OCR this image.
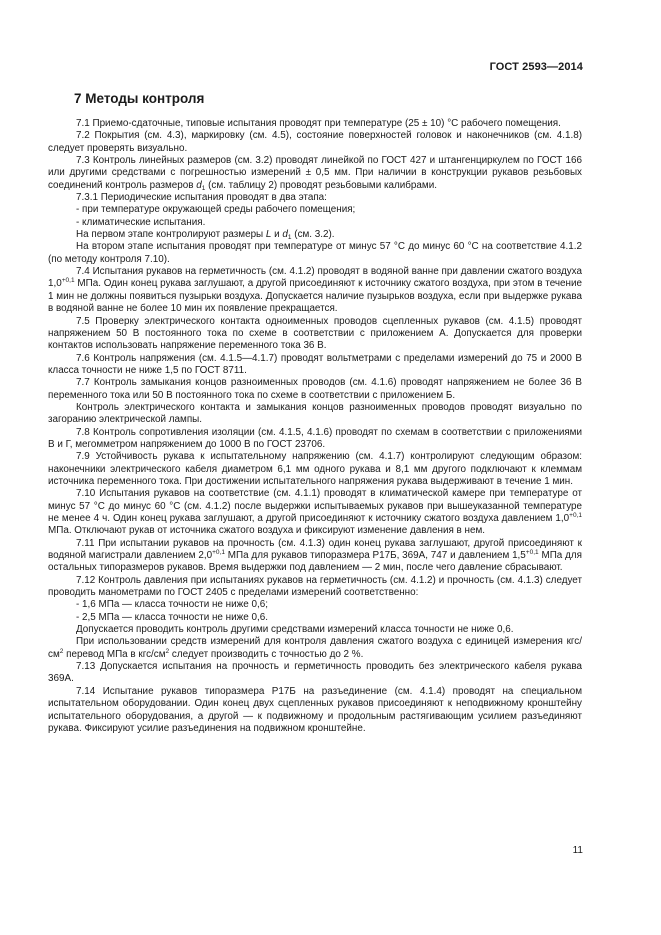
ГОСТ 2593—2014
7 Методы контроля

7.1 Приемо-сдаточные, типовые испытания проводят при температуре (25 ± 10) °С рабочего помещения.

7.2 Покрытия (см. 4.3), маркировку (см. 4.5), состояние поверхностей головок и наконечников (см. 4.1.8) следует проверять визуально.

7.3 Контроль линейных размеров (см. 3.2) проводят линейкой по ГОСТ 427 и штангенциркулем по ГОСТ 166 или другими средствами с погрешностью измерений ± 0,5 мм. При наличии в конструкции рукавов резьбовых соединений контроль размеров $d_1$ (см. таблицу 2) проводят резьбовыми калибрами.

7.3.1 Периодические испытания проводят в два этапа:

- при температуре окружающей среды рабочего помещения;

- климатические испытания.

На первом этапе контролируют размеры L и $d_1$ (см. 3.2).

На втором этапе испытания проводят при температуре от минус 57 °С до минус 60 °С на соответствие 4.1.2 (по методу контроля 7.10).

7.4 Испытания рукавов на герметичность (см. 4.1.2) проводят в водяной ванне при давлении сжатого воздуха $1,0^{+0,1}$ МПа. Один конец рукава заглушают, а другой присоединяют к источнику сжатого воздуха, при этом в течение 1 мин не должны появиться пузырьки воздуха. Допускается наличие пузырьков воздуха, если при выдержке рукава в водяной ванне не более 10 мин их появление прекращается.

7.5 Проверку электрического контакта одноименных проводов сцепленных рукавов (см. 4.1.5) проводят напряжением 50 В постоянного тока по схеме в соответствии с приложением А. Допускается для проверки контактов использовать напряжение переменного тока 36 В.

7.6 Контроль напряжения (см. 4.1.5—4.1.7) проводят вольтметрами с пределами измерений до 75 и 2000 В класса точности не ниже 1,5 по ГОСТ 8711.

7.7 Контроль замыкания концов разноименных проводов (см. 4.1.6) проводят напряжением не более 36 В переменного тока или 50 В постоянного тока по схеме в соответствии с приложением Б.

Контроль электрического контакта и замыкания концов разноименных проводов проводят визуально по загоранию электрической лампы.

7.8 Контроль сопротивления изоляции (см. 4.1.5, 4.1.6) проводят по схемам в соответствии с приложениями В и Г, мегомметром напряжением до 1000 В по ГОСТ 23706.

7.9 Устойчивость рукава к испытательному напряжению (см. 4.1.7) контролируют следующим образом: наконечники электрического кабеля диаметром 6,1 мм одного рукава и 8,1 мм другого подключают к клеммам источника переменного тока. При достижении испытательного напряжения рукава выдерживают в течение 1 мин.

7.10 Испытания рукавов на соответствие (см. 4.1.1) проводят в климатической камере при температуре от минус 57 °С до минус 60 °С (см. 4.1.2) после выдержки испытываемых рукавов при вышеуказанной температуре не менее 4 ч. Один конец рукава заглушают, а другой присоединяют к источнику сжатого воздуха давлением $1,0^{+0,1}$ МПа. Отключают рукав от источника сжатого воздуха и фиксируют изменение давления в нем.

7.11 При испытании рукавов на прочность (см. 4.1.3) один конец рукава заглушают, другой присоединяют к водяной магистрали давлением $2,0^{+0,1}$ МПа для рукавов типоразмера Р17Б, 369А, 747 и давлением $1,5^{+0,1}$ МПа для остальных типоразмеров рукавов. Время выдержки под давлением — 2 мин, после чего давление сбрасывают.

7.12 Контроль давления при испытаниях рукавов на герметичность (см. 4.1.2) и прочность (см. 4.1.3) следует проводить манометрами по ГОСТ 2405 с пределами измерений соответственно:

- 1,6 МПа — класса точности не ниже 0,6;

- 2,5 МПа — класса точности не ниже 0,6.

Допускается проводить контроль другими средствами измерений класса точности не ниже 0,6.

При использовании средств измерений для контроля давления сжатого воздуха с единицей измерения кгс/$см^2$ перевод МПа в кгс/$см^2$ следует производить с точностью до 2 %.

7.13 Допускается испытания на прочность и герметичность проводить без электрического кабеля рукава 369А.

7.14 Испытание рукавов типоразмера Р17Б на разъединение (см. 4.1.4) проводят на специальном испытательном оборудовании. Один конец двух сцепленных рукавов присоединяют к неподвижному кронштейну испытательного оборудования, а другой — к подвижному и продольным растягивающим усилием разъединяют рукава. Фиксируют усилие разъединения на подвижном кронштейне.

11
